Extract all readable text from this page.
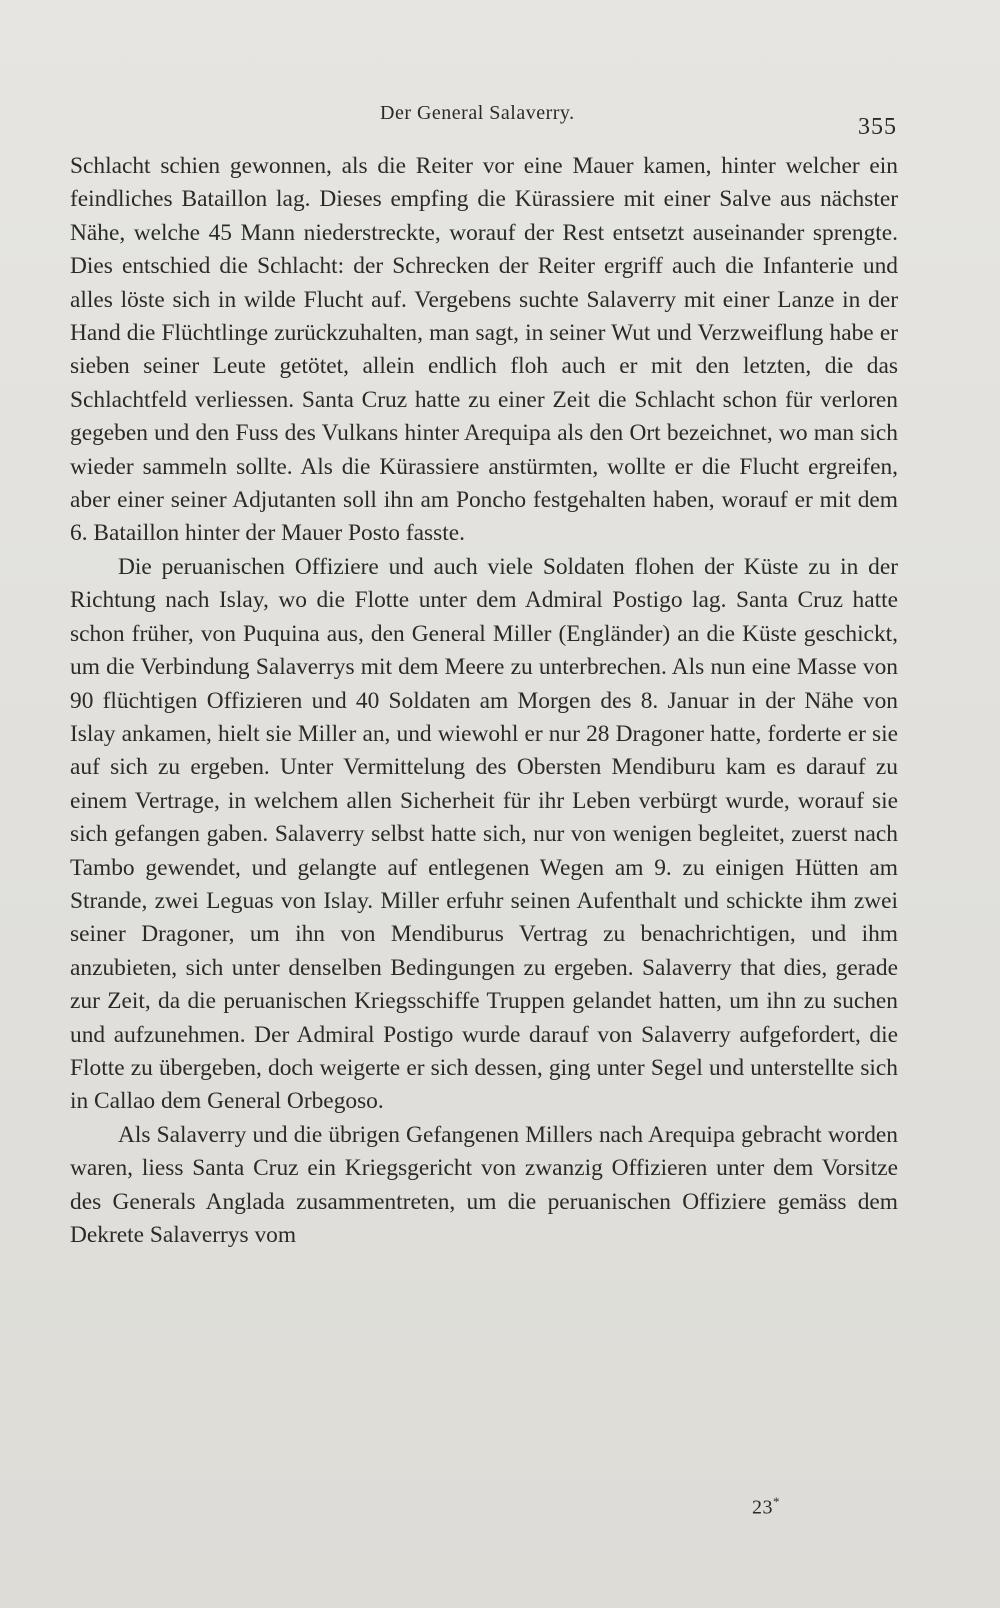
Der General Salaverry.
355

Schlacht schien gewonnen, als die Reiter vor eine Mauer kamen, hinter welcher ein feindliches Bataillon lag. Dieses empfing die Kürassiere mit einer Salve aus nächster Nähe, welche 45 Mann niederstreckte, worauf der Rest entsetzt auseinander sprengte. Dies entschied die Schlacht: der Schrecken der Reiter ergriff auch die Infanterie und alles löste sich in wilde Flucht auf. Vergebens suchte Salaverry mit einer Lanze in der Hand die Flüchtlinge zurückzuhalten, man sagt, in seiner Wut und Verzweiflung habe er sieben seiner Leute getötet, allein endlich floh auch er mit den letzten, die das Schlachtfeld verliessen. Santa Cruz hatte zu einer Zeit die Schlacht schon für verloren gegeben und den Fuss des Vulkans hinter Arequipa als den Ort bezeichnet, wo man sich wieder sammeln sollte. Als die Kürassiere anstürmten, wollte er die Flucht ergreifen, aber einer seiner Adjutanten soll ihn am Poncho festgehalten haben, worauf er mit dem 6. Bataillon hinter der Mauer Posto fasste.

Die peruanischen Offiziere und auch viele Soldaten flohen der Küste zu in der Richtung nach Islay, wo die Flotte unter dem Admiral Postigo lag. Santa Cruz hatte schon früher, von Puquina aus, den General Miller (Engländer) an die Küste geschickt, um die Verbindung Salaverrys mit dem Meere zu unterbrechen. Als nun eine Masse von 90 flüchtigen Offizieren und 40 Soldaten am Morgen des 8. Januar in der Nähe von Islay ankamen, hielt sie Miller an, und wiewohl er nur 28 Dragoner hatte, forderte er sie auf sich zu ergeben. Unter Vermittelung des Obersten Mendiburu kam es darauf zu einem Vertrage, in welchem allen Sicherheit für ihr Leben verbürgt wurde, worauf sie sich gefangen gaben. Salaverry selbst hatte sich, nur von wenigen begleitet, zuerst nach Tambo gewendet, und gelangte auf entlegenen Wegen am 9. zu einigen Hütten am Strande, zwei Leguas von Islay. Miller erfuhr seinen Aufenthalt und schickte ihm zwei seiner Dragoner, um ihn von Mendiburus Vertrag zu benachrichtigen, und ihm anzubieten, sich unter denselben Bedingungen zu ergeben. Salaverry that dies, gerade zur Zeit, da die peruanischen Kriegsschiffe Truppen gelandet hatten, um ihn zu suchen und aufzunehmen. Der Admiral Postigo wurde darauf von Salaverry aufgefordert, die Flotte zu übergeben, doch weigerte er sich dessen, ging unter Segel und unterstellte sich in Callao dem General Orbegoso.

Als Salaverry und die übrigen Gefangenen Millers nach Arequipa gebracht worden waren, liess Santa Cruz ein Kriegsgericht von zwanzig Offizieren unter dem Vorsitze des Generals Anglada zusammentreten, um die peruanischen Offiziere gemäss dem Dekrete Salaverrys vom

23*
